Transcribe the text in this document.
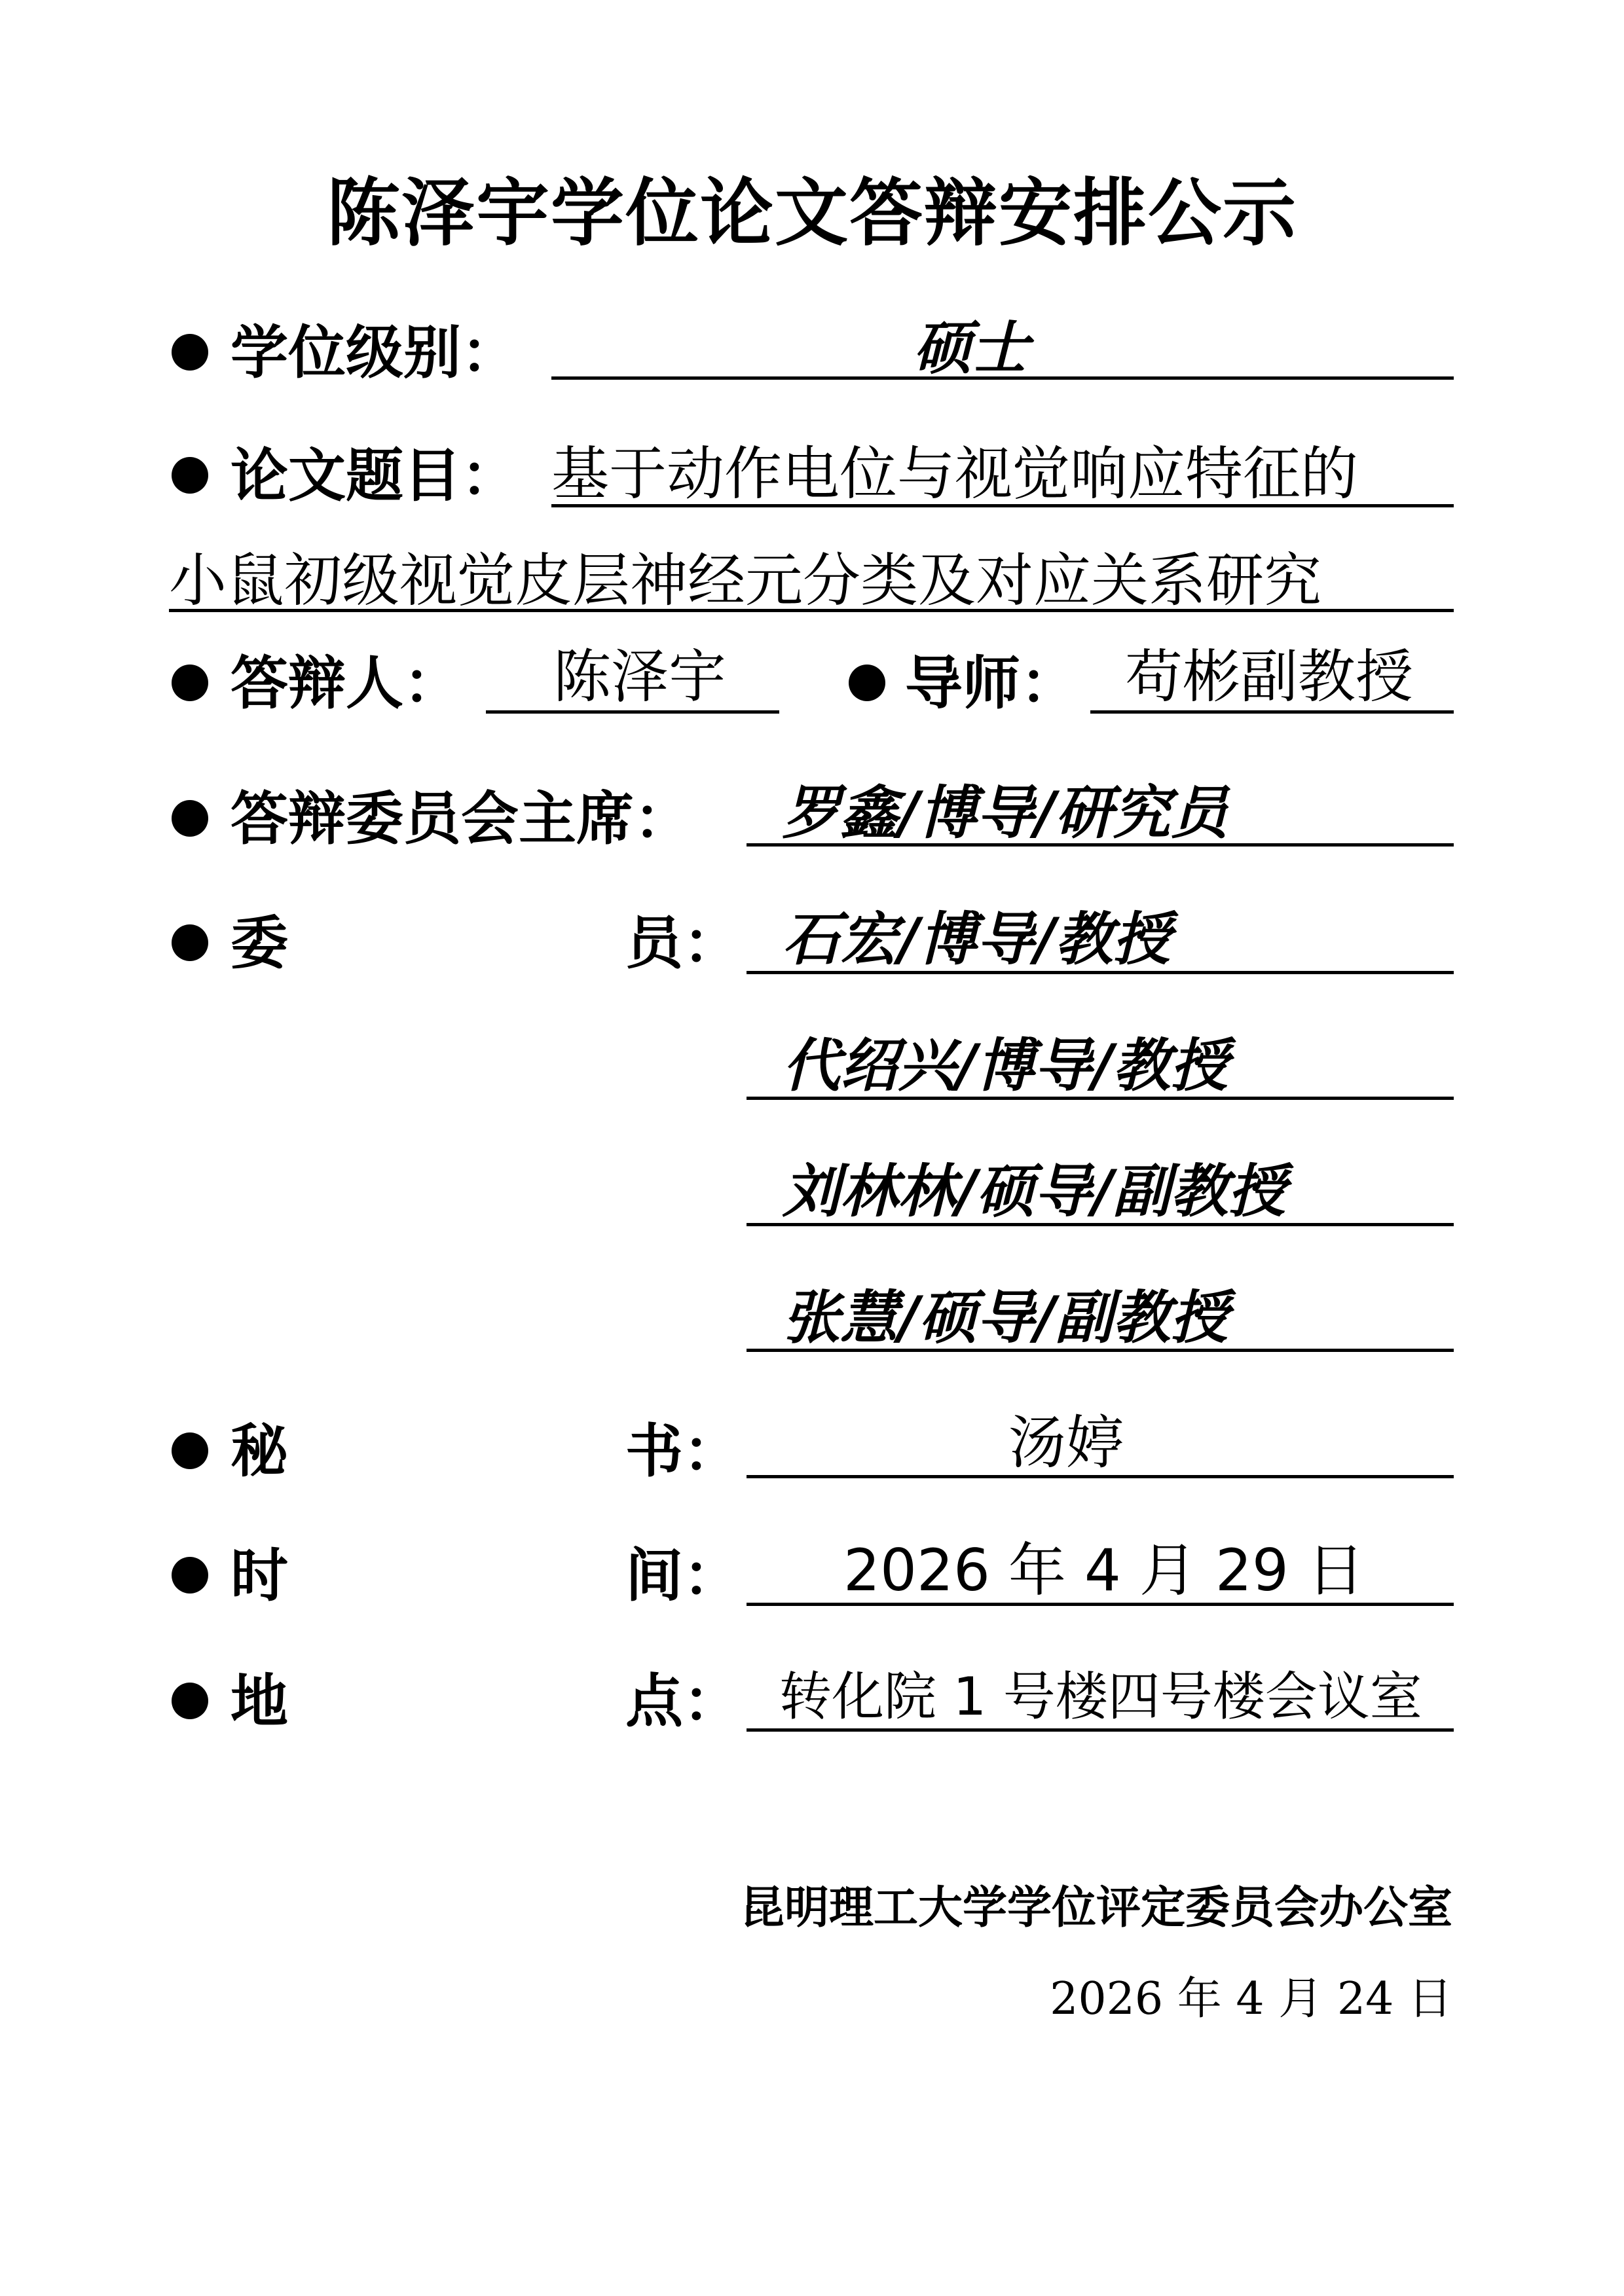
陈泽宇学位论文答辩安排公示
学位级别：	硕士
论文题目： 基于动作电位与视觉响应特征的
小鼠初级视觉皮层神经元分类及对应关系研究
答辩人： 陈泽宇	导师： 苟彬副教授
答辩委员会主席： 罗鑫/博导/研究员
委	员： 石宏/博导/教授
代绍兴/博导/教授
刘林林/硕导/副教授
张慧/硕导/副教授
秘	书：	汤婷
时	间： 2026 年 4 月 29 日
地	点： 转化院 1 号楼四号楼会议室
昆明理工大学学位评定委员会办公室
2026 年 4 月 24 日
